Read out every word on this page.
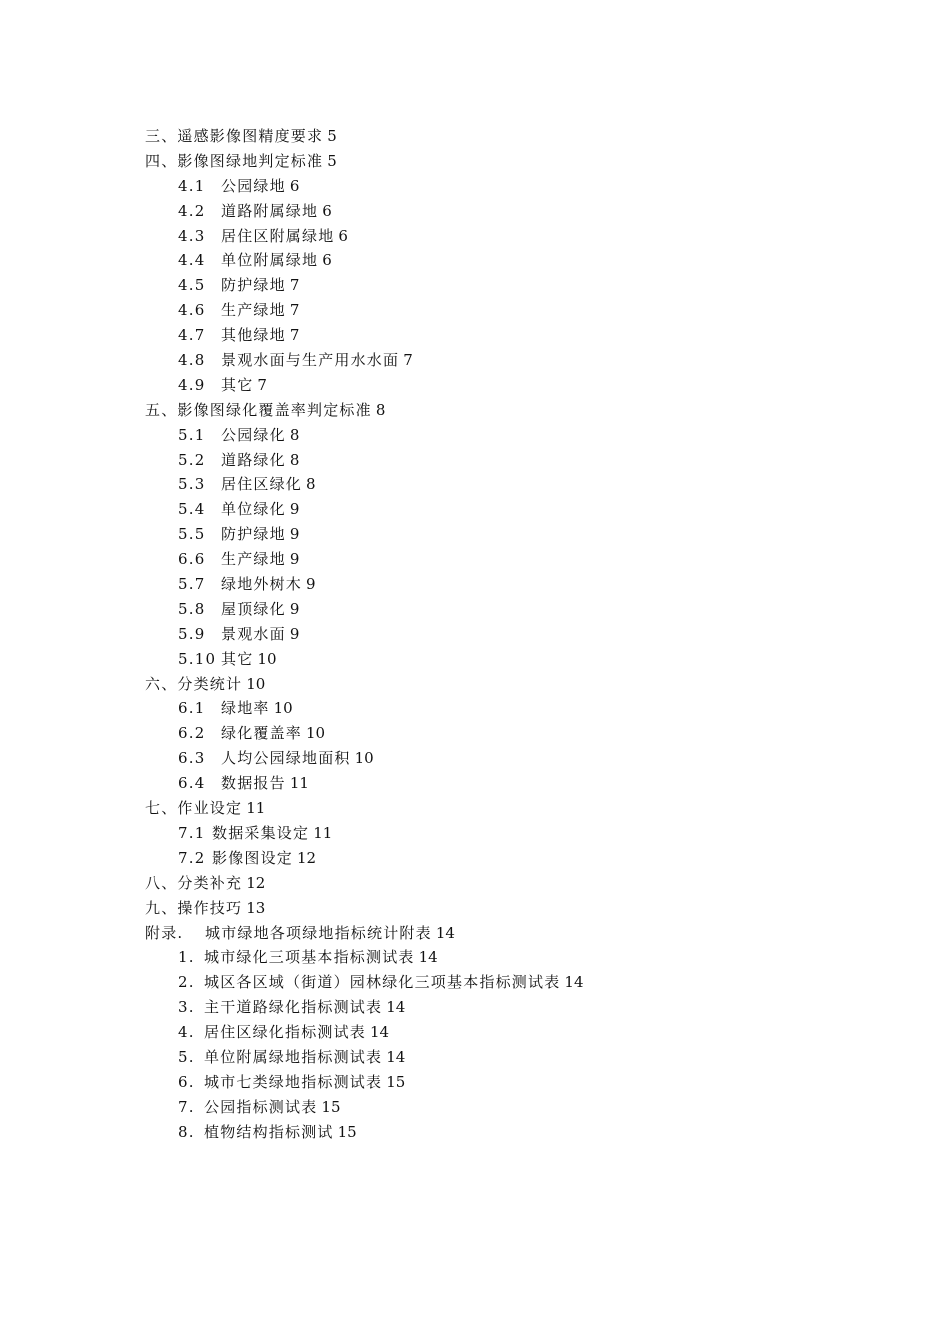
三、遥感影像图精度要求 5
四、影像图绿地判定标准 5
4.1 公园绿地 6
4.2 道路附属绿地 6
4.3 居住区附属绿地 6
4.4 单位附属绿地 6
4.5 防护绿地 7
4.6 生产绿地 7
4.7 其他绿地 7
4.8 景观水面与生产用水水面 7
4.9 其它 7
五、影像图绿化覆盖率判定标准 8
5.1 公园绿化 8
5.2 道路绿化 8
5.3 居住区绿化 8
5.4 单位绿化 9
5.5 防护绿地 9
6.6 生产绿地 9
5.7 绿地外树木 9
5.8 屋顶绿化 9
5.9 景观水面 9
5.10 其它 10
六、分类统计 10
6.1 绿地率 10
6.2 绿化覆盖率 10
6.3 人均公园绿地面积 10
6.4 数据报告 11
七、作业设定 11
7.1 数据采集设定 11
7.2 影像图设定 12
八、分类补充 12
九、操作技巧 13
附录. 城市绿地各项绿地指标统计附表 14
1. 城市绿化三项基本指标测试表 14
2. 城区各区域（街道）园林绿化三项基本指标测试表 14
3. 主干道路绿化指标测试表 14
4. 居住区绿化指标测试表 14
5. 单位附属绿地指标测试表 14
6. 城市七类绿地指标测试表 15
7. 公园指标测试表 15
8. 植物结构指标测试 15
